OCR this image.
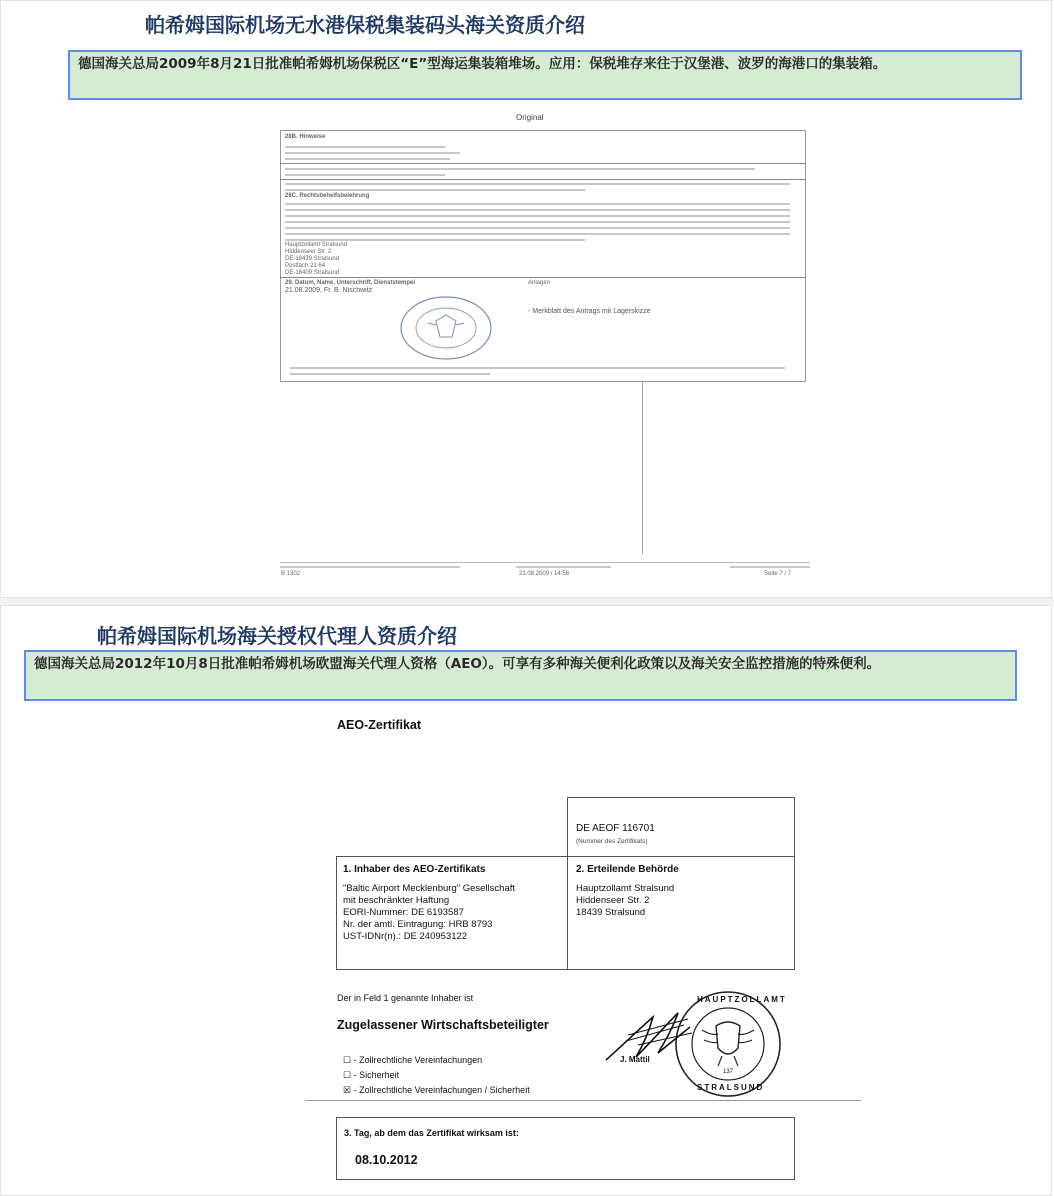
帕希姆国际机场无水港保税集装码头海关资质介绍
德国海关总局2009年8月21日批准帕希姆机场保税区“E”型海运集装箱堆场。应用：保税堆存来往于汉堡港、波罗的海港口的集装箱。
Original
28B. Hinweise
28C. Rechtsbehelfsbelehrung
Hauptzollamt Stralsund
Hiddenseer Str. 2
DE-18439 Stralsund
Postfach 22 64
DE-18409 Stralsund
29. Datum, Name, Unterschrift, Dienststempel
21.08.2009, Fr. B. Nischwitz
Anlagen
- Merkblatt des Antrags mit Lagerskizze
B 1302	21.08.2009 / 14:56	Seite 7 / 7
帕希姆国际机场海关授权代理人资质介绍
德国海关总局2012年10月8日批准帕希姆机场欧盟海关代理人资格（AEO）。可享有多种海关便利化政策以及海关安全监控措施的特殊便利。
AEO-Zertifikat
DE AEOF 116701
(Nummer des Zertifikats)
1. Inhaber des AEO-Zertifikats
"Baltic Airport Mecklenburg" Gesellschaft
mit beschränkter Haftung
EORI-Nummer: DE 6193587
Nr. der amtl. Eintragung: HRB 8793
UST-IDNr(n).: DE 240953122
2. Erteilende Behörde
Hauptzollamt Stralsund
Hiddenseer Str. 2
18439 Stralsund
Der in Feld 1 genannte Inhaber ist
Zugelassener Wirtschaftsbeteiligter
☐ - Zollrechtliche Vereinfachungen
☐ - Sicherheit
☒ - Zollrechtliche Vereinfachungen / Sicherheit
J. Mattil
HAUPTZOLLAMT
STRALSUND
137
3. Tag, ab dem das Zertifikat wirksam ist:
08.10.2012
